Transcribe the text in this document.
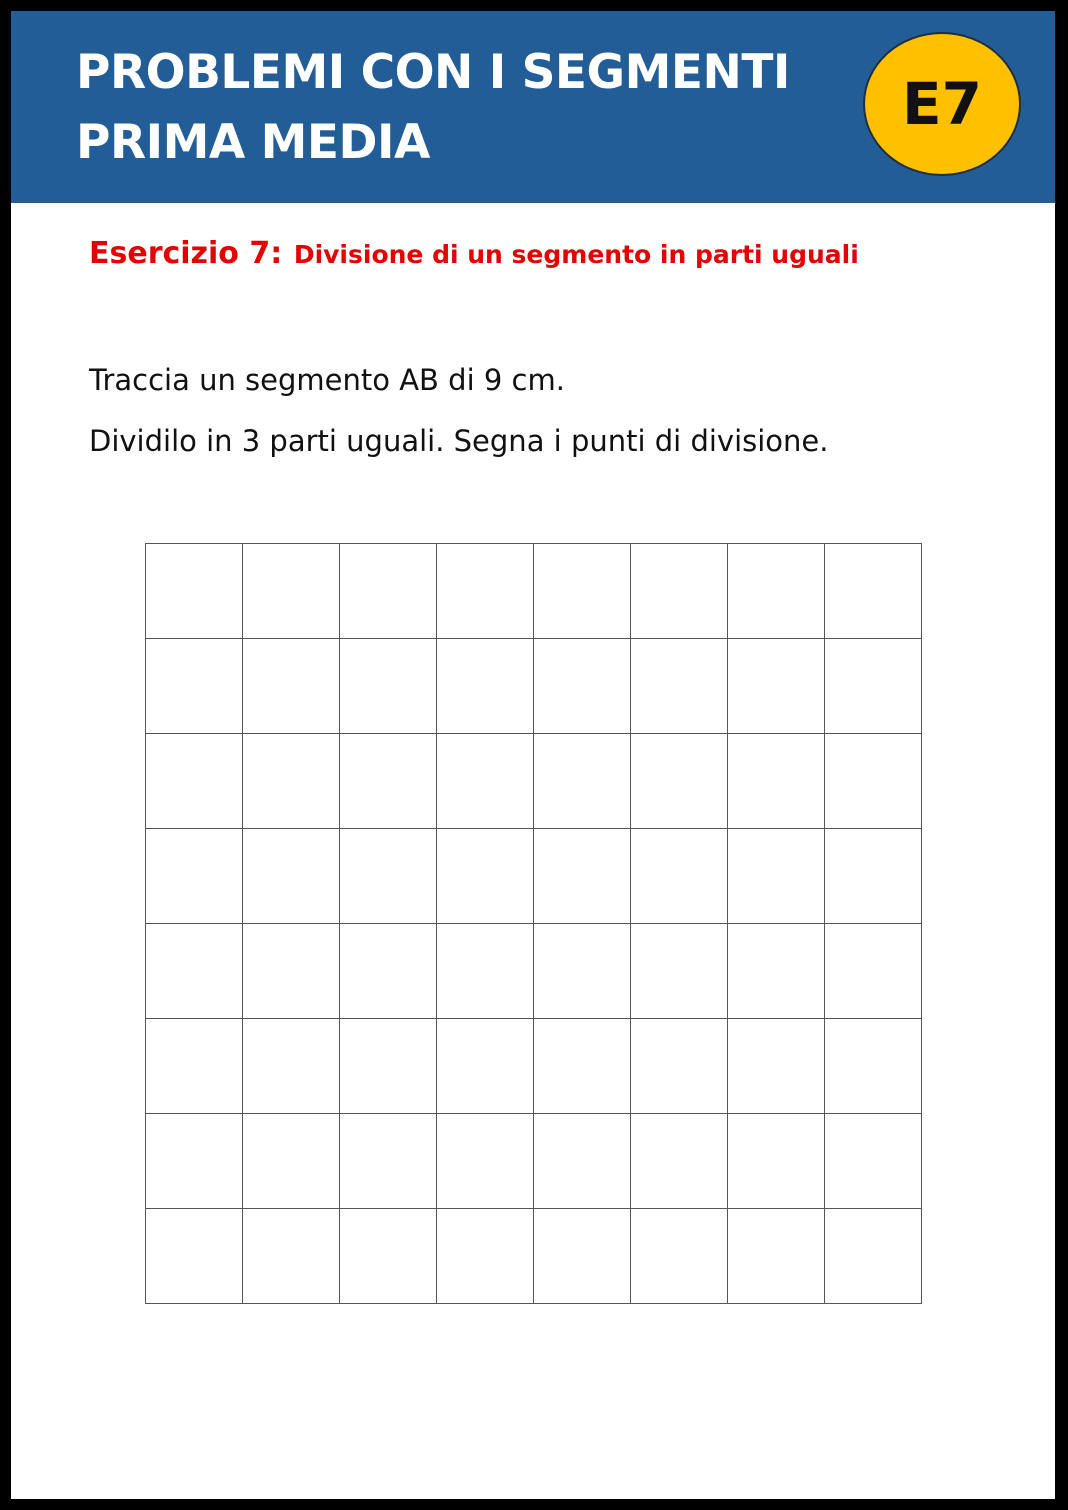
PROBLEMI CON I SEGMENTI
PRIMA MEDIA
E7
Esercizio 7: Divisione di un segmento in parti uguali

Traccia un segmento AB di 9 cm.

Dividilo in 3 parti uguali. Segna i punti di divisione.
